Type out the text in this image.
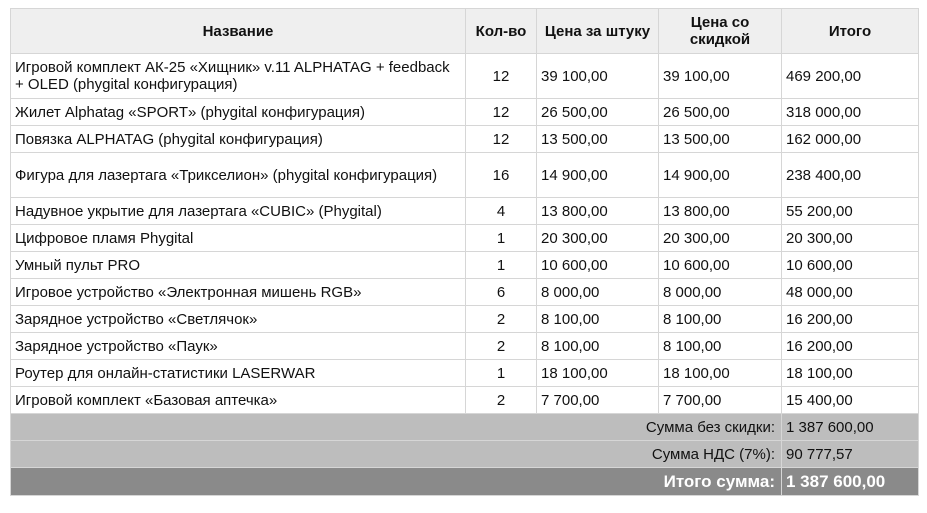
Название	Кол-во	Цена за штуку	Цена со скидкой	Итого
Игровой комплект АК-25 «Хищник» v.11 ALPHATAG + feedback + OLED (phygital конфигурация)	12	39 100,00	39 100,00	469 200,00
Жилет Alphatag «SPORT» (phygital конфигурация)	12	26 500,00	26 500,00	318 000,00
Повязка ALPHATAG (phygital конфигурация)	12	13 500,00	13 500,00	162 000,00
Фигура для лазертага «Трикселион» (phygital конфигурация)	16	14 900,00	14 900,00	238 400,00
Надувное укрытие для лазертага «CUBIC» (Phygital)	4	13 800,00	13 800,00	55 200,00
Цифровое пламя Phygital	1	20 300,00	20 300,00	20 300,00
Умный пульт PRO	1	10 600,00	10 600,00	10 600,00
Игровое устройство «Электронная мишень RGB»	6	8 000,00	8 000,00	48 000,00
Зарядное устройство «Светлячок»	2	8 100,00	8 100,00	16 200,00
Зарядное устройство «Паук»	2	8 100,00	8 100,00	16 200,00
Роутер для онлайн-статистики LASERWAR	1	18 100,00	18 100,00	18 100,00
Игровой комплект «Базовая аптечка»	2	7 700,00	7 700,00	15 400,00
Сумма без скидки:				1 387 600,00
Сумма НДС (7%):				90 777,57
Итого сумма:				1 387 600,00
